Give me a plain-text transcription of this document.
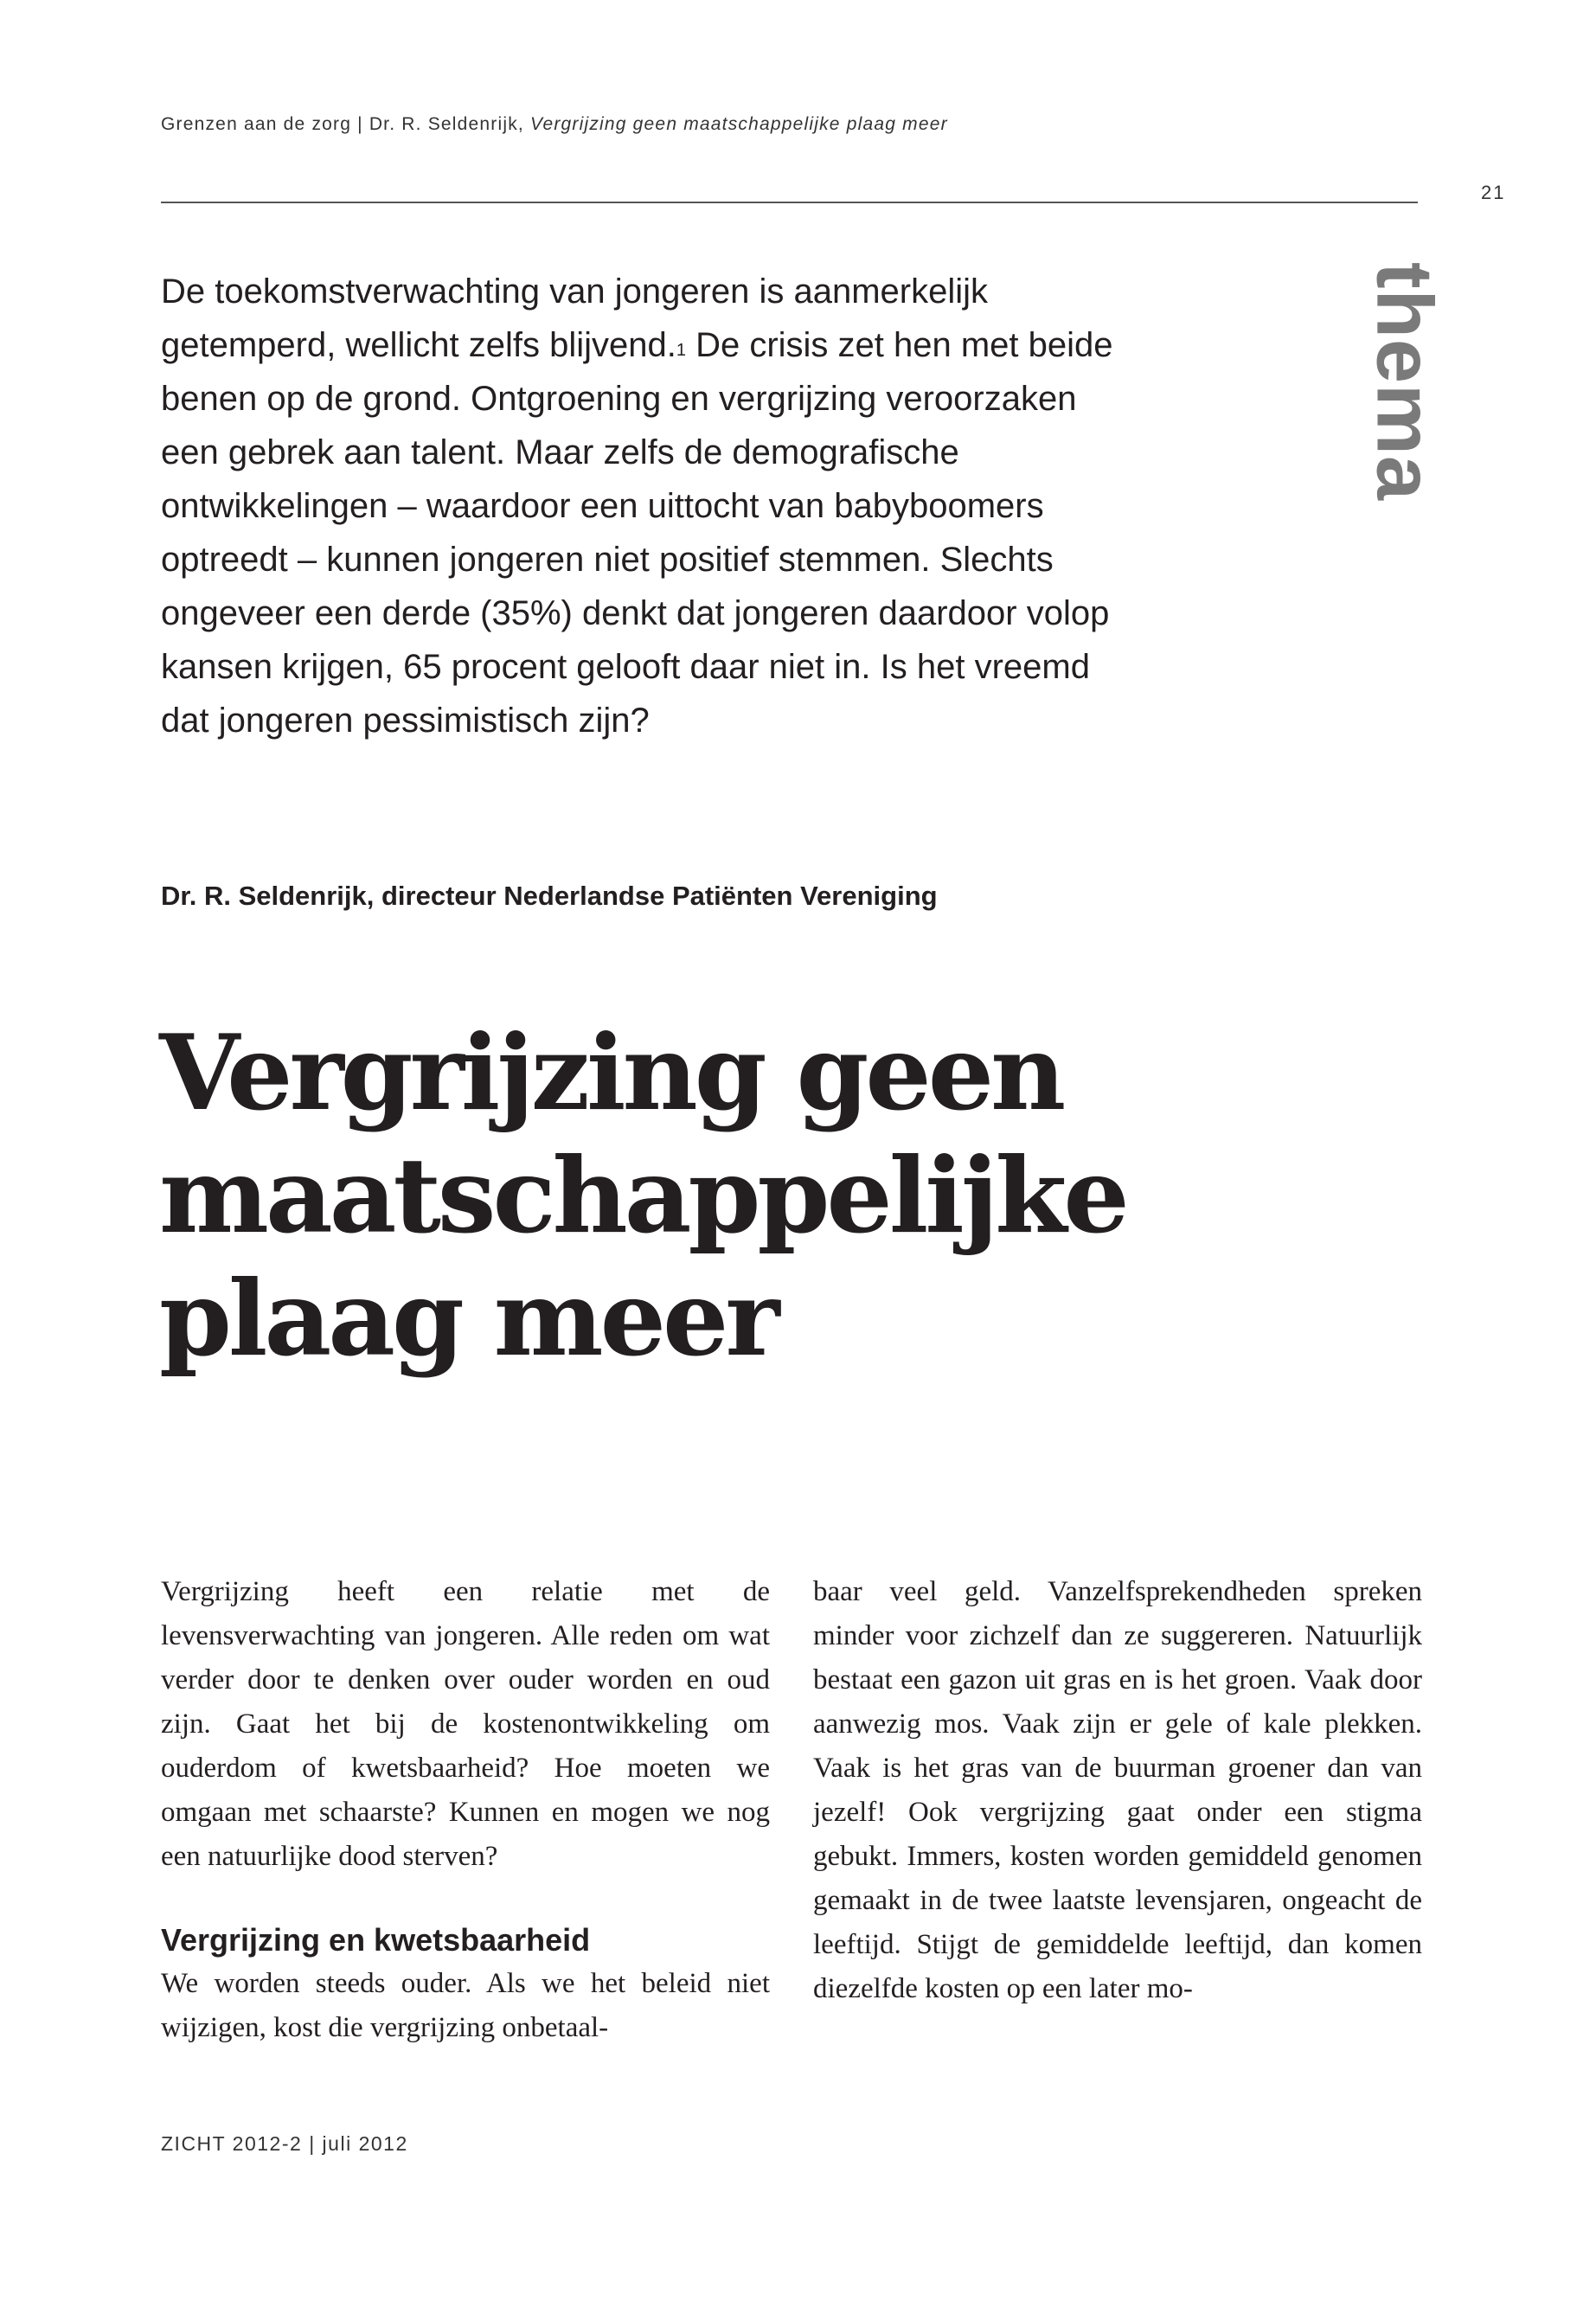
Grenzen aan de zorg | Dr. R. Seldenrijk, Vergrijzing geen maatschappelijke plaag meer
21
thema

De toekomstverwachting van jongeren is aanmerkelijk getemperd, wellicht zelfs blijvend.$^1$ De crisis zet hen met beide benen op de grond. Ontgroening en vergrijzing veroorzaken een gebrek aan talent. Maar zelfs de demografische ontwikkelingen – waardoor een uittocht van babyboomers optreedt – kunnen jongeren niet positief stemmen. Slechts ongeveer een derde (35%) denkt dat jongeren daardoor volop kansen krijgen, 65 procent gelooft daar niet in. Is het vreemd dat jongeren pessimistisch zijn?

Dr. R. Seldenrijk, directeur Nederlandse Patiënten Vereniging
Vergrijzing geen
maatschappelijke
plaag meer

Vergrijzing heeft een relatie met de levensverwachting van jongeren. Alle reden om wat verder door te denken over ouder worden en oud zijn. Gaat het bij de kostenontwikkeling om ouderdom of kwetsbaarheid? Hoe moeten we omgaan met schaarste? Kunnen en mogen we nog een natuurlijke dood sterven?

Vergrijzing en kwetsbaarheid

We worden steeds ouder. Als we het beleid niet wijzigen, kost die vergrijzing onbetaal-

baar veel geld. Vanzelfsprekendheden spreken minder voor zichzelf dan ze suggereren. Natuurlijk bestaat een gazon uit gras en is het groen. Vaak door aanwezig mos. Vaak zijn er gele of kale plekken. Vaak is het gras van de buurman groener dan van jezelf! Ook vergrijzing gaat onder een stigma gebukt. Immers, kosten worden gemiddeld genomen gemaakt in de twee laatste levensjaren, ongeacht de leeftijd. Stijgt de gemiddelde leeftijd, dan komen diezelfde kosten op een later mo-

ZICHT 2012-2 | juli 2012
